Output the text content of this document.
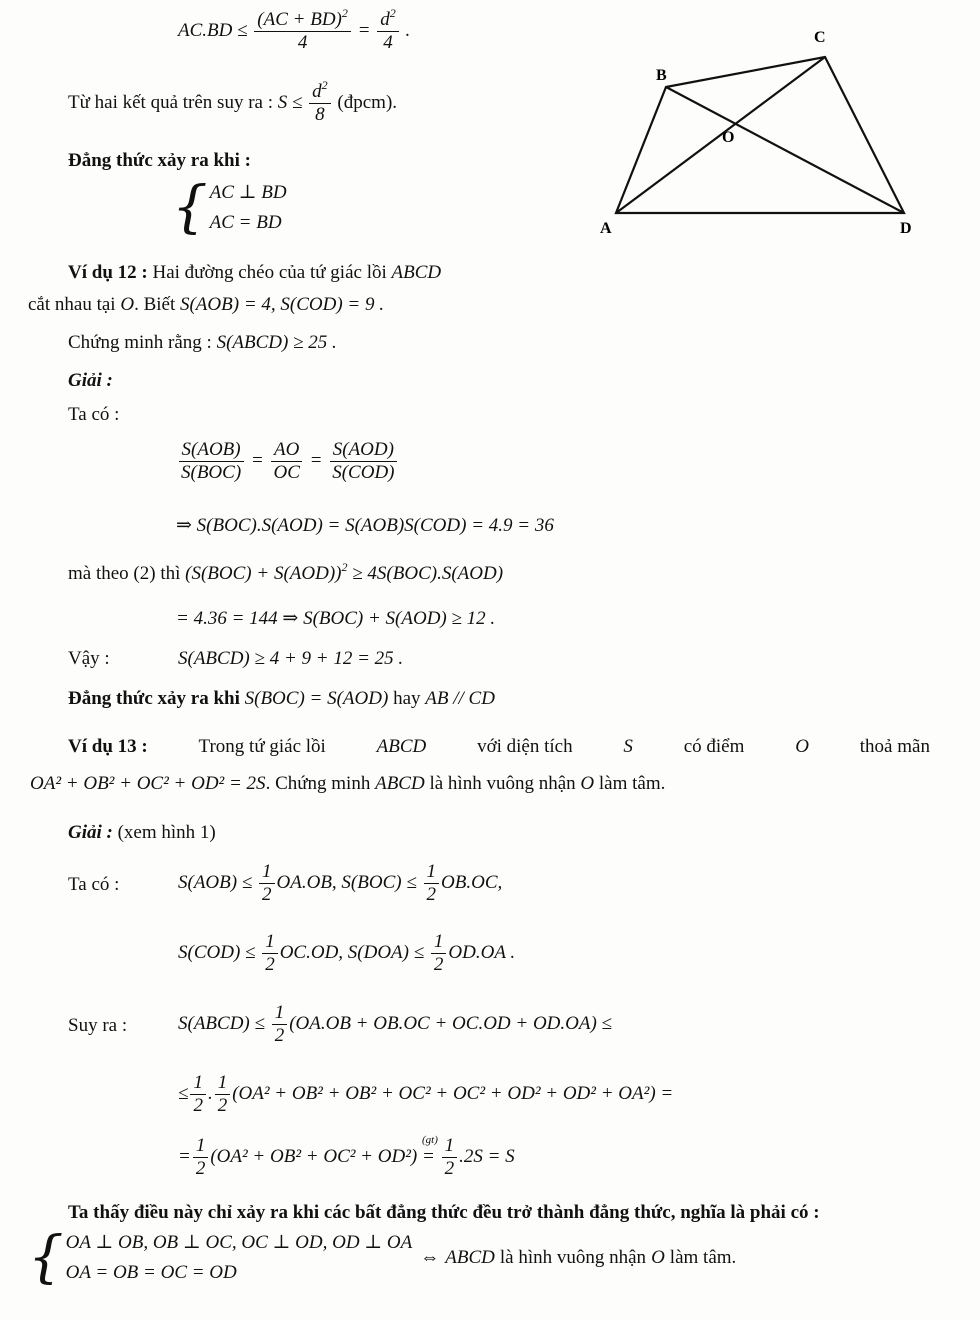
$AC.BD \le \frac{(AC + BD)^2}{4} = \frac{d^2}{4}$ .
Từ hai kết quả trên suy ra : $S \le \frac{d^2}{8}$ (đpcm).
Đẳng thức xảy ra khi :
{ AC ⊥ BD
AC = BD	A
B
C
D
O
Ví dụ 12 : Hai đường chéo của tứ giác lồi ABCD
cắt nhau tại O. Biết S(AOB) = 4, S(COD) = 9 .
Chứng minh rằng : S(ABCD) ≥ 25 .
Giải :
Ta có :
$\frac{\text{S(AOB)}}{\text{S(BOC)}} = \frac{AO}{OC} = \frac{\text{S(AOD)}}{\text{S(COD)}}$
⇒ S(BOC).S(AOD) = S(AOB)S(COD) = 4.9 = 36
mà theo (2) thì $(S(BOC) + S(AOD))^2 \ge 4S(BOC).S(AOD)$
= 4.36 = 144 ⇒ S(BOC) + S(AOD) ≥ 12 .
Vậy :	S(ABCD) ≥ 4 + 9 + 12 = 25 .
Đẳng thức xảy ra khi S(BOC) = S(AOD) hay AB // CD
Ví dụ 13 :	Trong tứ giác lồi	ABCD	với diện tích	S	có điểm	O	thoả mãn
OA² + OB² + OC² + OD² = 2S. Chứng minh ABCD là hình vuông nhận O làm tâm.
Giải : (xem hình 1)
Ta có :	$S(AOB) \le \frac{1}{2} OA.OB$, $S(BOC) \le \frac{1}{2} OB.OC$,
$S(COD) \le \frac{1}{2} OC.OD$, $S(DOA) \le \frac{1}{2} OD.OA$ .
Suy ra :	S(ABCD) ≤ $\frac{1}{2} (OA.OB + OB.OC + OC.OD + OD.OA)$ ≤
≤ $\frac{1}{2}$ . $\frac{1}{2} (OA^2 + OB^2 + OB^2 + OC^2 + OC^2 + OD^2 + OD^2 + OA^2)$ =
= $\frac{1}{2} (OA^2 + OB^2 + OC^2 + OD^2)$
(gt)
= $\frac{1}{2} .2S = S$
Ta thấy điều này chỉ xảy ra khi các bất đẳng thức đều trở thành đẳng thức, nghĩa là phải có :
{ OA ⊥ OB, OB ⊥ OC, OC ⊥ OD, OD ⊥ OA
OA = OB = OC = OD
⇔ ABCD là hình vuông nhận O làm tâm.
